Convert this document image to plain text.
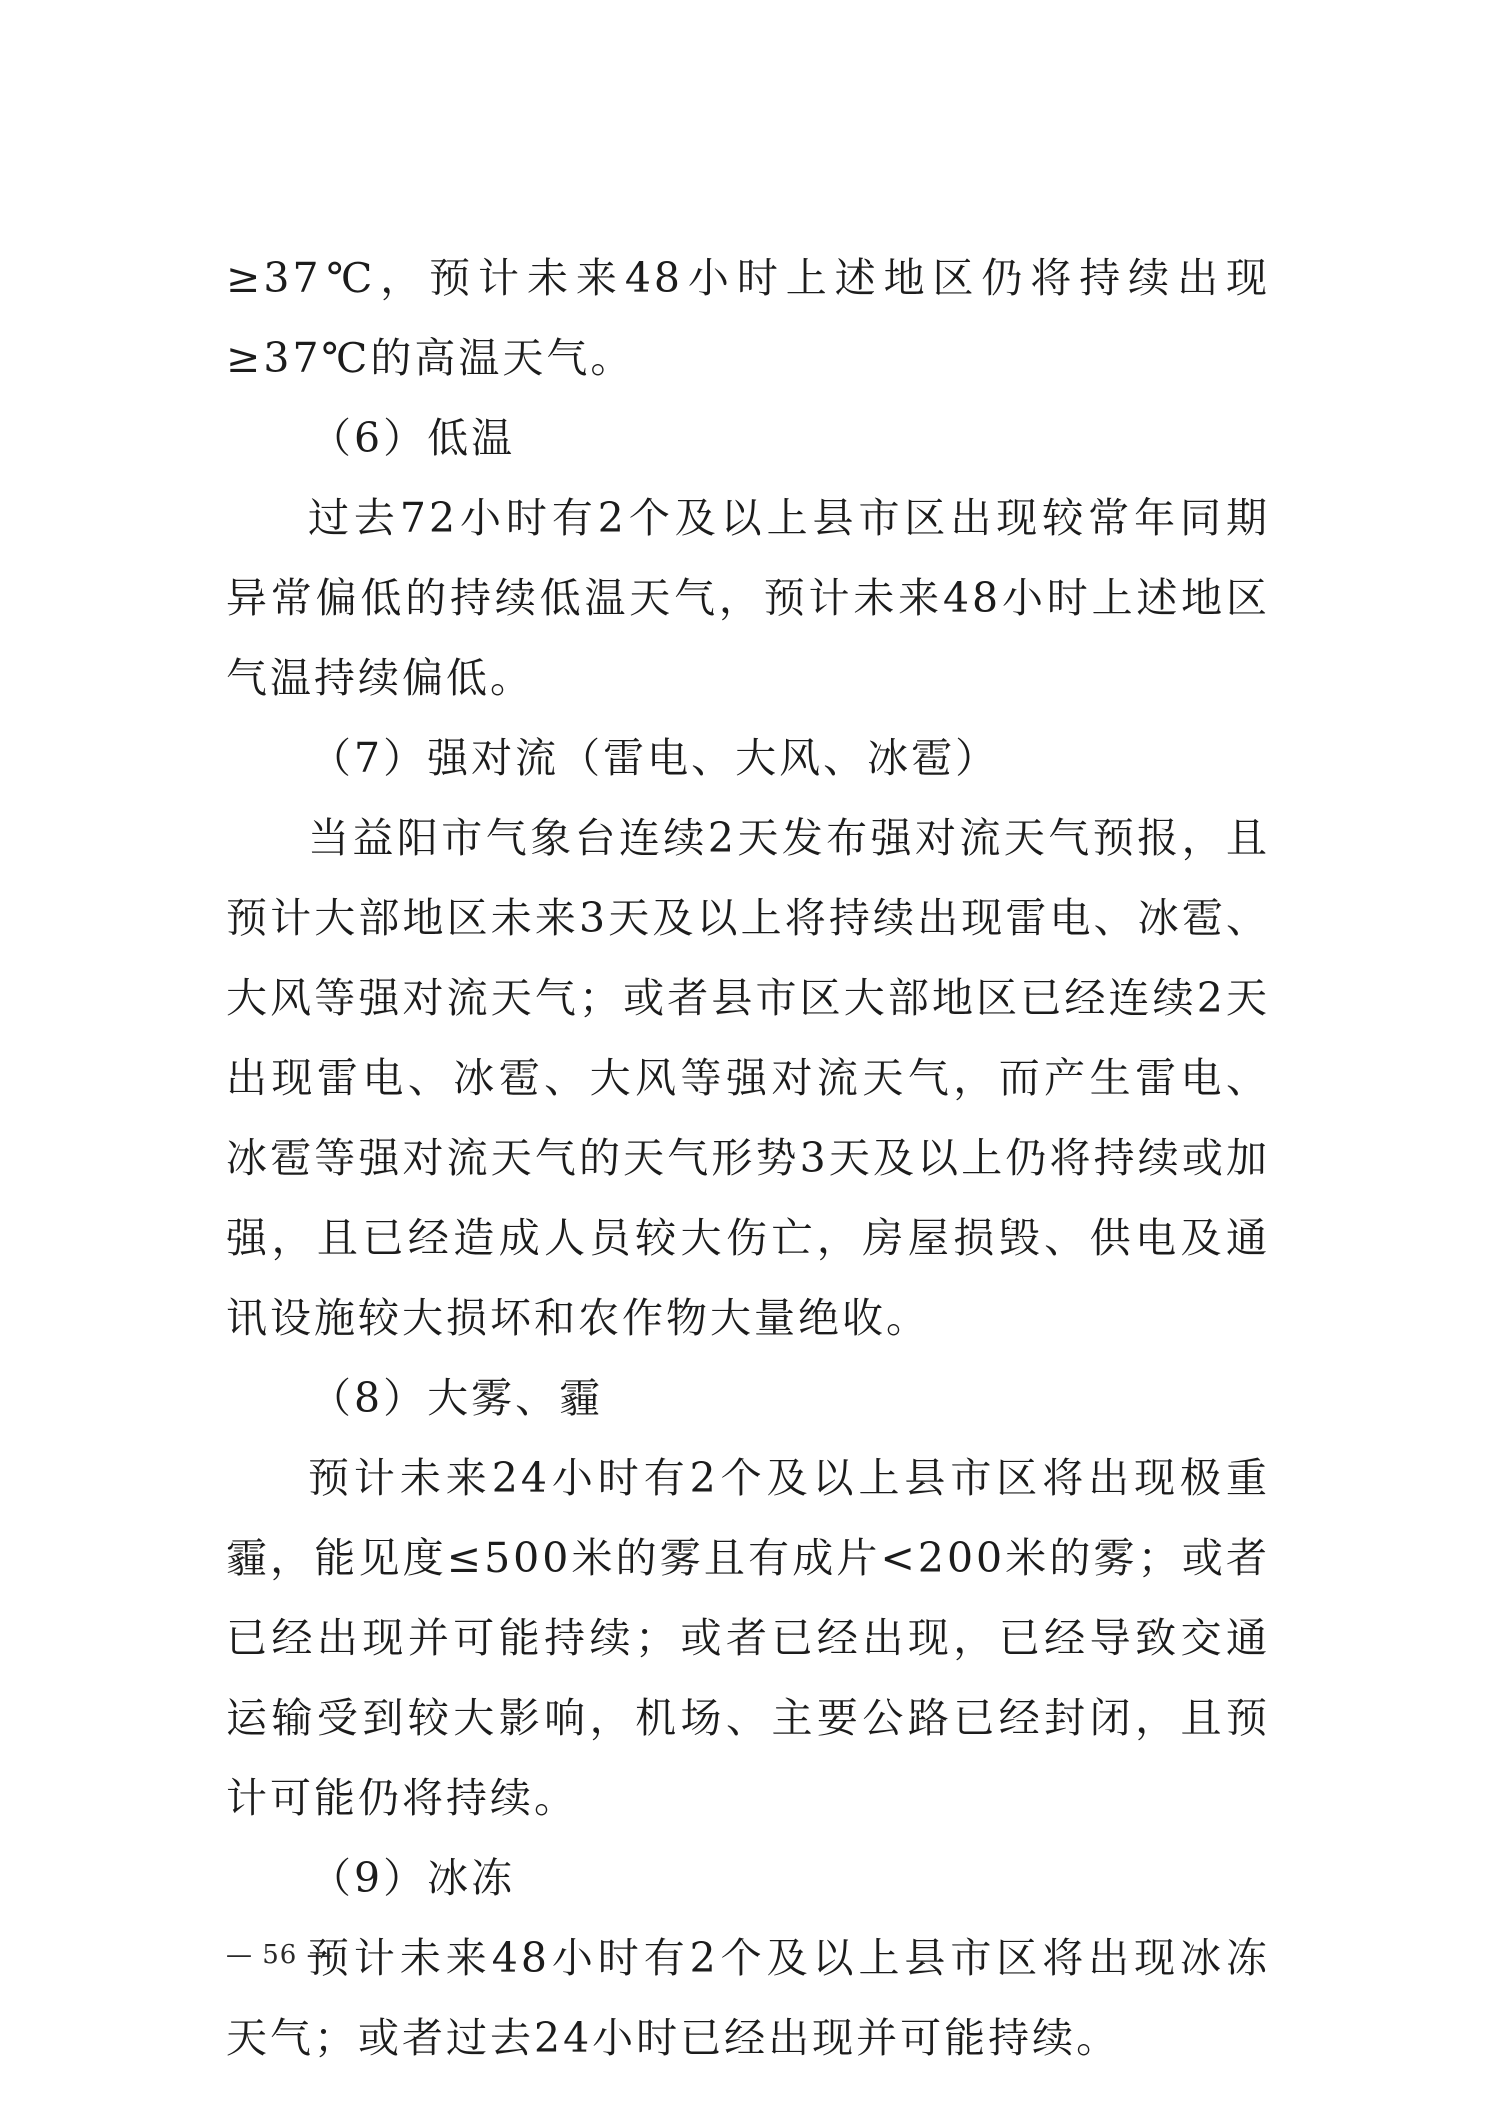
≥37℃，预计未来48小时上述地区仍将持续出现≥37℃的高温天气。

（6）低温

过去72小时有2个及以上县市区出现较常年同期异常偏低的持续低温天气，预计未来48小时上述地区气温持续偏低。

（7）强对流（雷电、大风、冰雹）

当益阳市气象台连续2天发布强对流天气预报，且预计大部地区未来3天及以上将持续出现雷电、冰雹、大风等强对流天气；或者县市区大部地区已经连续2天出现雷电、冰雹、大风等强对流天气，而产生雷电、冰雹等强对流天气的天气形势3天及以上仍将持续或加强，且已经造成人员较大伤亡，房屋损毁、供电及通讯设施较大损坏和农作物大量绝收。

（8）大雾、霾

预计未来24小时有2个及以上县市区将出现极重霾，能见度≤500米的雾且有成片<200米的雾；或者已经出现并可能持续；或者已经出现，已经导致交通运输受到较大影响，机场、主要公路已经封闭，且预计可能仍将持续。

（9）冰冻

预计未来48小时有2个及以上县市区将出现冰冻天气；或者过去24小时已经出现并可能持续。

— 56 —
